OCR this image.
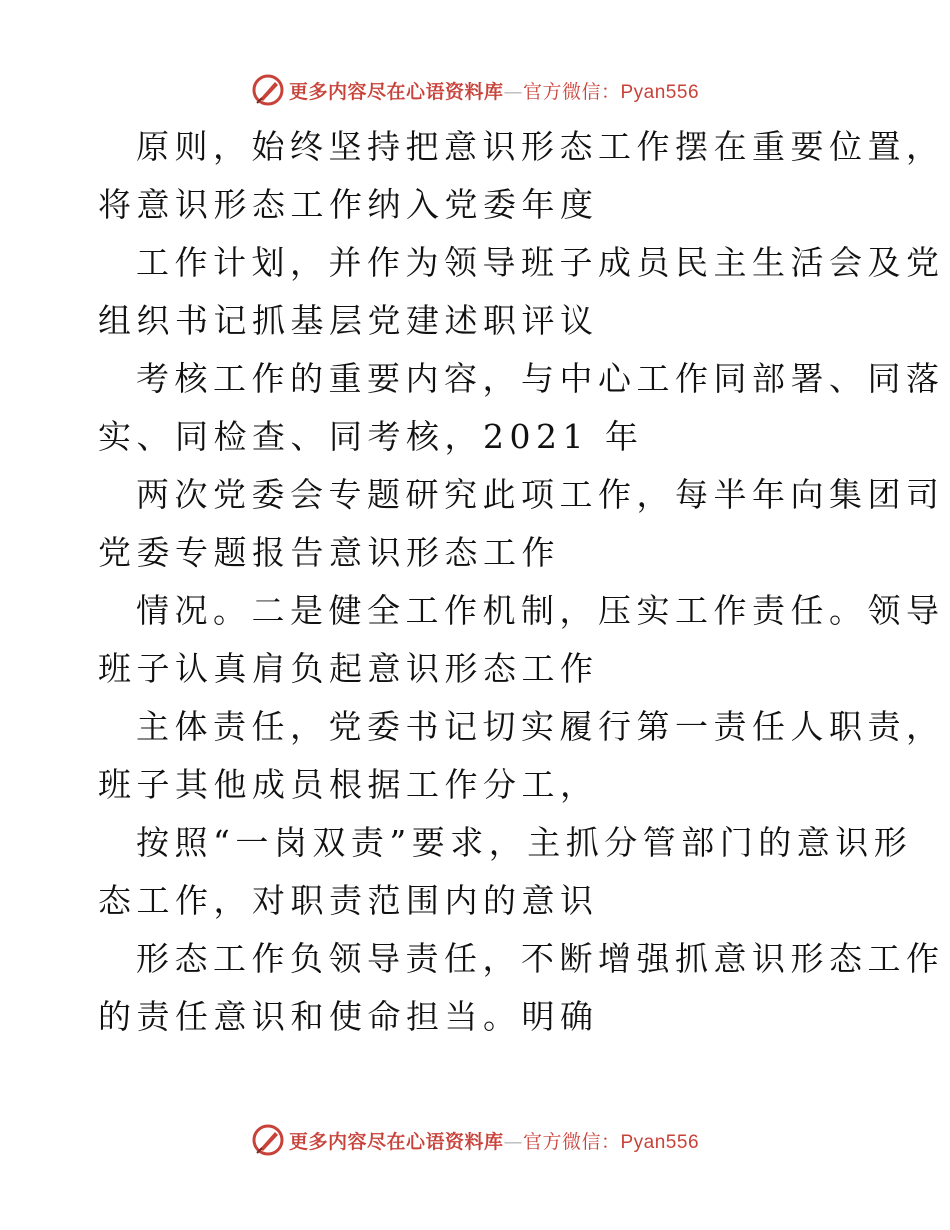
更多内容尽在心语资料库—官方微信：Pyan556
原则，始终坚持把意识形态工作摆在重要位置，
将意识形态工作纳入党委年度
工作计划，并作为领导班子成员民主生活会及党
组织书记抓基层党建述职评议
考核工作的重要内容，与中心工作同部署、同落
实、同检查、同考核，2021 年
两次党委会专题研究此项工作，每半年向集团司
党委专题报告意识形态工作
情况。二是健全工作机制，压实工作责任。领导
班子认真肩负起意识形态工作
主体责任，党委书记切实履行第一责任人职责，
班子其他成员根据工作分工，
按照“一岗双责”要求，主抓分管部门的意识形
态工作，对职责范围内的意识
形态工作负领导责任，不断增强抓意识形态工作
的责任意识和使命担当。明确
更多内容尽在心语资料库—官方微信：Pyan556
